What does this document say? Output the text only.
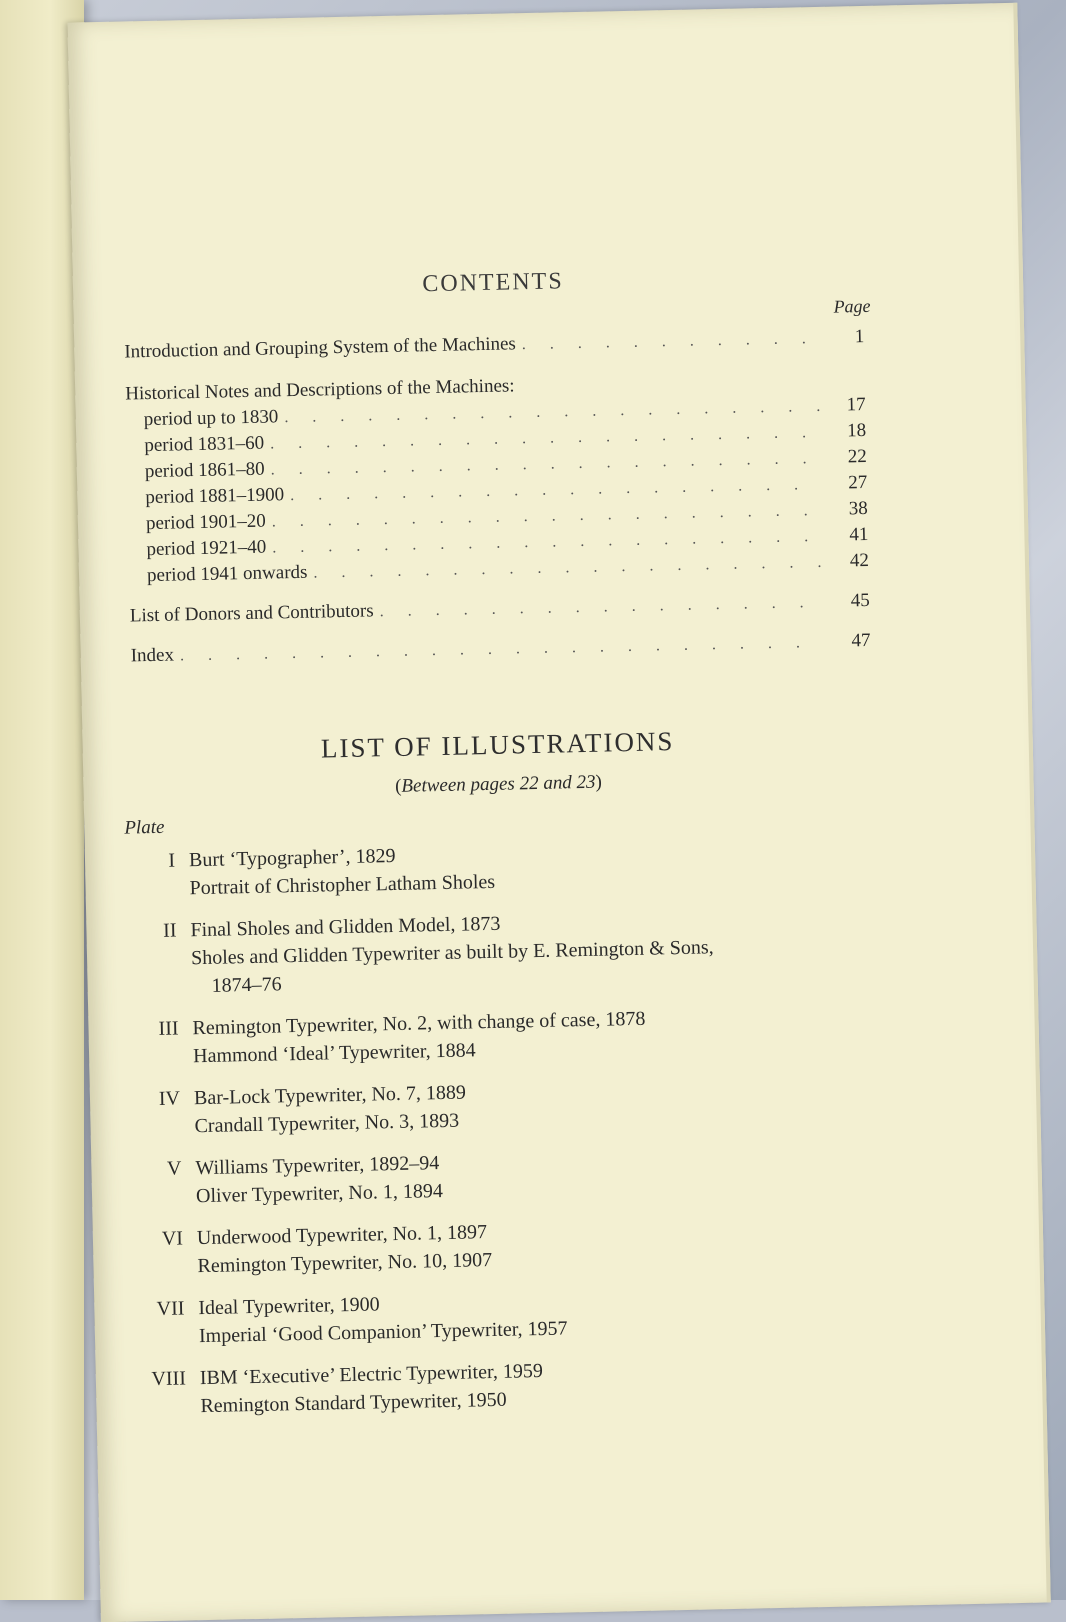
CONTENTS
Page
Introduction and Grouping System of the Machines . . .	1
Historical Notes and Descriptions of the Machines:
period up to 1830
. . .
17
period 1831–60
. . .
18
period 1861–80
. . .
22
period 1881–1900
. . .
27
period 1901–20
. . .
38
period 1921–40
. . .
41
period 1941 onwards
. . .
42
List of Donors and Contributors . . .	45
Index
. . .
47
LIST OF ILLUSTRATIONS
(Between pages 22 and 23)
Plate
I Burt ‘Typographer’, 1829
Portrait of Christopher Latham Sholes
II Final Sholes and Glidden Model, 1873
Sholes and Glidden Typewriter as built by E. Remington & Sons,
1874–76
III Remington Typewriter, No. 2, with change of case, 1878
Hammond ‘Ideal’ Typewriter, 1884
IV Bar-Lock Typewriter, No. 7, 1889
Crandall Typewriter, No. 3, 1893
V Williams Typewriter, 1892–94
Oliver Typewriter, No. 1, 1894
VI Underwood Typewriter, No. 1, 1897
Remington Typewriter, No. 10, 1907
VII Ideal Typewriter, 1900
Imperial ‘Good Companion’ Typewriter, 1957
VIII IBM ‘Executive’ Electric Typewriter, 1959
Remington Standard Typewriter, 1950
